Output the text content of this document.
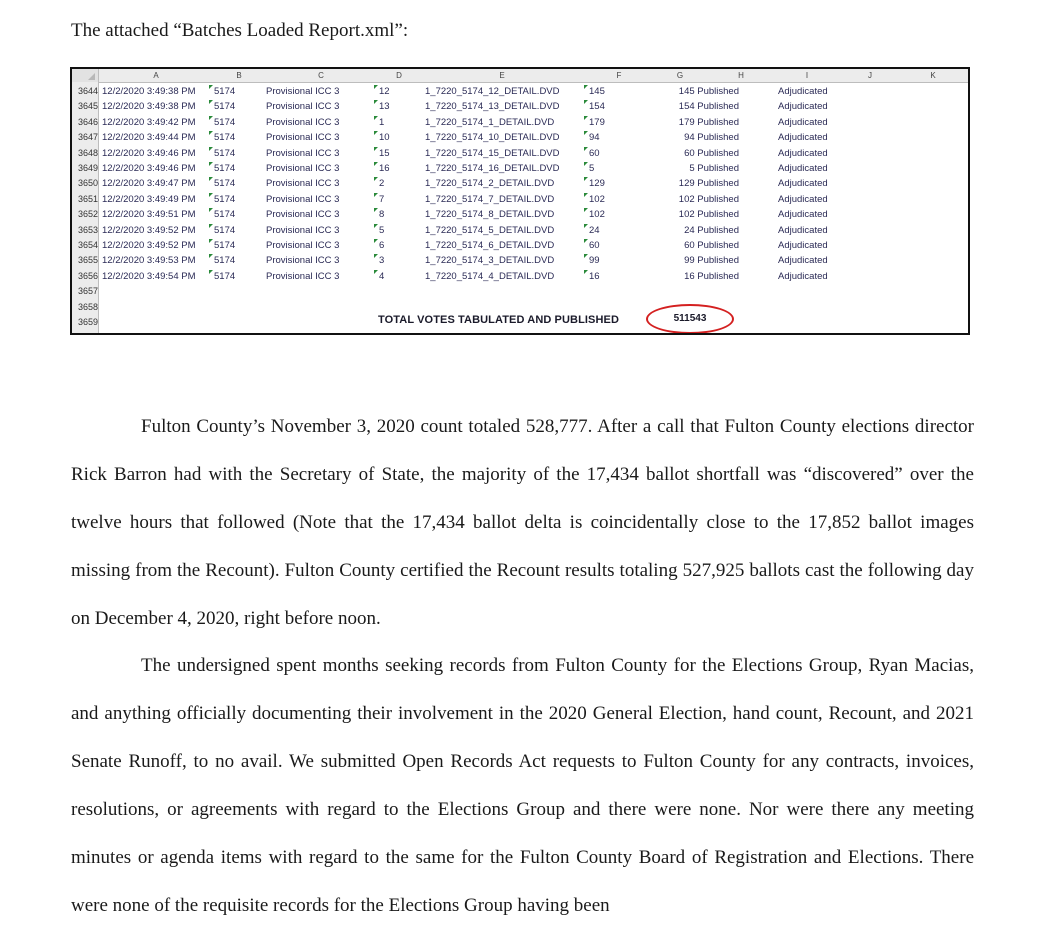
The attached “Batches Loaded Report.xml”:

A	B	C	D	E	F	G	H	I	J	K
3644 12/2/2020 3:49:38 PM 5174	Provisional ICC 3	12	1_7220_5174_12_DETAIL.DVD	145	145 Published	Adjudicated
3645 12/2/2020 3:49:38 PM 5174	Provisional ICC 3	13	1_7220_5174_13_DETAIL.DVD	154	154 Published	Adjudicated
3646 12/2/2020 3:49:42 PM 5174	Provisional ICC 3	1	1_7220_5174_1_DETAIL.DVD	179	179 Published	Adjudicated
3647 12/2/2020 3:49:44 PM 5174	Provisional ICC 3	10	1_7220_5174_10_DETAIL.DVD	94	94 Published	Adjudicated
3648 12/2/2020 3:49:46 PM 5174	Provisional ICC 3	15	1_7220_5174_15_DETAIL.DVD	60	60 Published	Adjudicated
3649 12/2/2020 3:49:46 PM 5174	Provisional ICC 3	16	1_7220_5174_16_DETAIL.DVD	5	5 Published	Adjudicated
3650 12/2/2020 3:49:47 PM 5174	Provisional ICC 3	2	1_7220_5174_2_DETAIL.DVD	129	129 Published	Adjudicated
3651 12/2/2020 3:49:49 PM 5174	Provisional ICC 3	7	1_7220_5174_7_DETAIL.DVD	102	102 Published	Adjudicated
3652 12/2/2020 3:49:51 PM 5174	Provisional ICC 3	8	1_7220_5174_8_DETAIL.DVD	102	102 Published	Adjudicated
3653 12/2/2020 3:49:52 PM 5174	Provisional ICC 3	5	1_7220_5174_5_DETAIL.DVD	24	24 Published	Adjudicated
3654 12/2/2020 3:49:52 PM 5174	Provisional ICC 3	6	1_7220_5174_6_DETAIL.DVD	60	60 Published	Adjudicated
3655 12/2/2020 3:49:53 PM 5174	Provisional ICC 3	3	1_7220_5174_3_DETAIL.DVD	99	99 Published	Adjudicated
3656 12/2/2020 3:49:54 PM 5174	Provisional ICC 3	4	1_7220_5174_4_DETAIL.DVD	16	16 Published	Adjudicated
3657
3658
3659	TOTAL VOTES TABULATED AND PUBLISHED	511543

Fulton County’s November 3, 2020 count totaled 528,777. After a call that Fulton County elections director Rick Barron had with the Secretary of State, the majority of the 17,434 ballot shortfall was “discovered” over the twelve hours that followed (Note that the 17,434 ballot delta is coincidentally close to the 17,852 ballot images missing from the Recount). Fulton County certified the Recount results totaling 527,925 ballots cast the following day on December 4, 2020, right before noon.

The undersigned spent months seeking records from Fulton County for the Elections Group, Ryan Macias, and anything officially documenting their involvement in the 2020 General Election, hand count, Recount, and 2021 Senate Runoff, to no avail. We submitted Open Records Act requests to Fulton County for any contracts, invoices, resolutions, or agreements with regard to the Elections Group and there were none. Nor were there any meeting minutes or agenda items with regard to the same for the Fulton County Board of Registration and Elections. There were none of the requisite records for the Elections Group having been
